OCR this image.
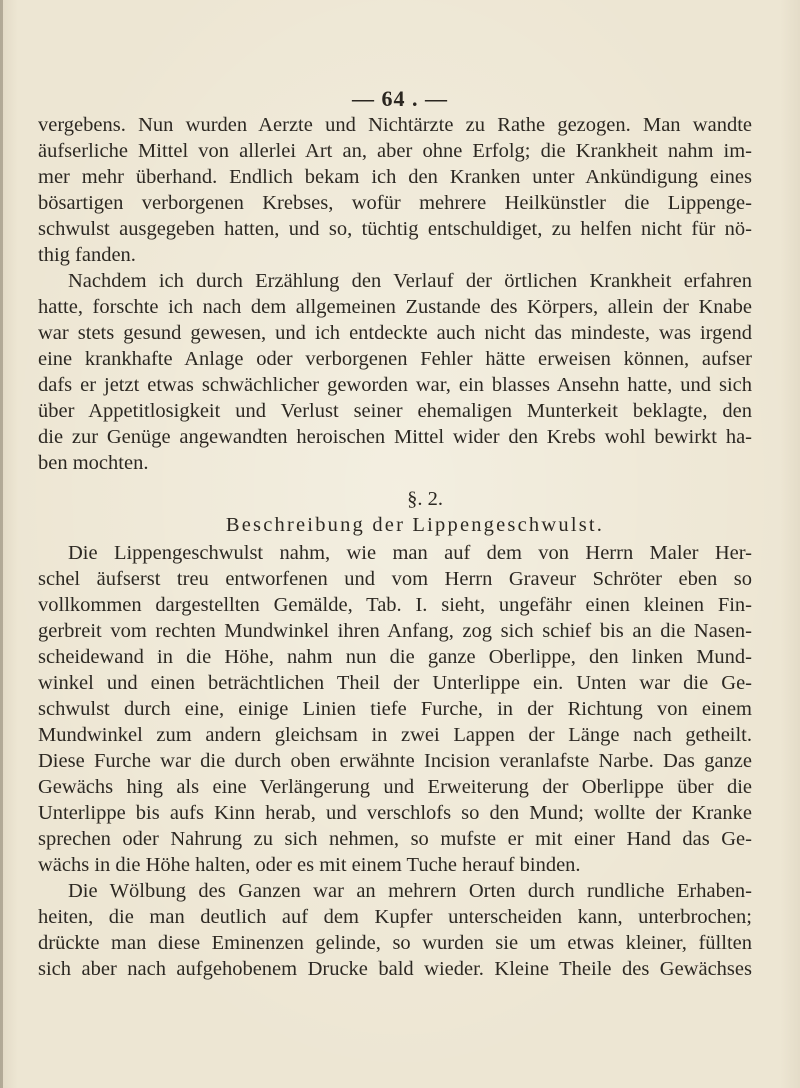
— 64 . —
vergebens. Nun wurden Aerzte und Nichtärzte zu Rathe gezogen. Man wandte
äufserliche Mittel von allerlei Art an, aber ohne Erfolg; die Krankheit nahm im-
mer mehr überhand. Endlich bekam ich den Kranken unter Ankündigung eines
bösartigen verborgenen Krebses, wofür mehrere Heilkünstler die Lippenge-
schwulst ausgegeben hatten, und so, tüchtig entschuldiget, zu helfen nicht für nö-
thig fanden.
Nachdem ich durch Erzählung den Verlauf der örtlichen Krankheit erfahren
hatte, forschte ich nach dem allgemeinen Zustande des Körpers, allein der Knabe
war stets gesund gewesen, und ich entdeckte auch nicht das mindeste, was irgend
eine krankhafte Anlage oder verborgenen Fehler hätte erweisen können, aufser
dafs er jetzt etwas schwächlicher geworden war, ein blasses Ansehn hatte, und sich
über Appetitlosigkeit und Verlust seiner ehemaligen Munterkeit beklagte, den
die zur Genüge angewandten heroischen Mittel wider den Krebs wohl bewirkt ha-
ben mochten.
§. 2.
Beschreibung der Lippengeschwulst.
Die Lippengeschwulst nahm, wie man auf dem von Herrn Maler Her-
schel äufserst treu entworfenen und vom Herrn Graveur Schröter eben so
vollkommen dargestellten Gemälde, Tab. I. sieht, ungefähr einen kleinen Fin-
gerbreit vom rechten Mundwinkel ihren Anfang, zog sich schief bis an die Nasen-
scheidewand in die Höhe, nahm nun die ganze Oberlippe, den linken Mund-
winkel und einen beträchtlichen Theil der Unterlippe ein. Unten war die Ge-
schwulst durch eine, einige Linien tiefe Furche, in der Richtung von einem
Mundwinkel zum andern gleichsam in zwei Lappen der Länge nach getheilt.
Diese Furche war die durch oben erwähnte Incision veranlafste Narbe. Das ganze
Gewächs hing als eine Verlängerung und Erweiterung der Oberlippe über die
Unterlippe bis aufs Kinn herab, und verschlofs so den Mund; wollte der Kranke
sprechen oder Nahrung zu sich nehmen, so mufste er mit einer Hand das Ge-
wächs in die Höhe halten, oder es mit einem Tuche herauf binden.
Die Wölbung des Ganzen war an mehrern Orten durch rundliche Erhaben-
heiten, die man deutlich auf dem Kupfer unterscheiden kann, unterbrochen;
drückte man diese Eminenzen gelinde, so wurden sie um etwas kleiner, füllten
sich aber nach aufgehobenem Drucke bald wieder. Kleine Theile des Gewächses
